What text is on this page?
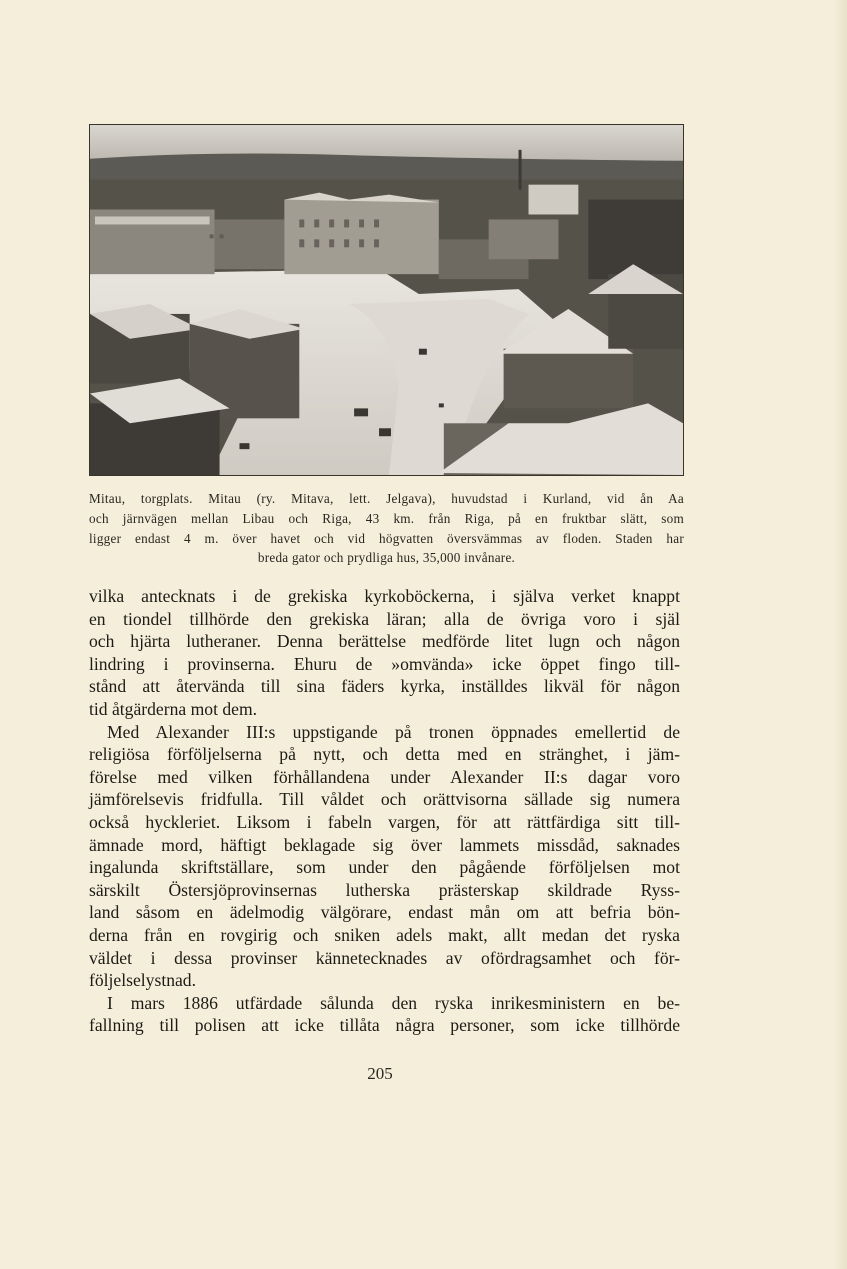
Mitau, torgplats. Mitau (ry. Mitava, lett. Jelgava), huvudstad i Kurland, vid ån Aa
och järnvägen mellan Libau och Riga, 43 km. från Riga, på en fruktbar slätt, som
ligger endast 4 m. över havet och vid högvatten översvämmas av floden. Staden har
breda gator och prydliga hus, 35,000 invånare.
vilka antecknats i de grekiska kyrkoböckerna, i själva verket knappt
en tiondel tillhörde den grekiska läran; alla de övriga voro i själ
och hjärta lutheraner. Denna berättelse medförde litet lugn och någon
lindring i provinserna. Ehuru de »omvända» icke öppet fingo till-
stånd att återvända till sina fäders kyrka, inställdes likväl för någon
tid åtgärderna mot dem.
Med Alexander III:s uppstigande på tronen öppnades emellertid de
religiösa förföljelserna på nytt, och detta med en stränghet, i jäm-
förelse med vilken förhållandena under Alexander II:s dagar voro
jämförelsevis fridfulla. Till våldet och orättvisorna sällade sig numera
också hyckleriet. Liksom i fabeln vargen, för att rättfärdiga sitt till-
ämnade mord, häftigt beklagade sig över lammets missdåd, saknades
ingalunda skriftställare, som under den pågående förföljelsen mot
särskilt Östersjöprovinsernas lutherska prästerskap skildrade Ryss-
land såsom en ädelmodig välgörare, endast mån om att befria bön-
derna från en rovgirig och sniken adels makt, allt medan det ryska
väldet i dessa provinser kännetecknades av ofördragsamhet och för-
följelselystnad.
I mars 1886 utfärdade sålunda den ryska inrikesministern en be-
fallning till polisen att icke tillåta några personer, som icke tillhörde
205
